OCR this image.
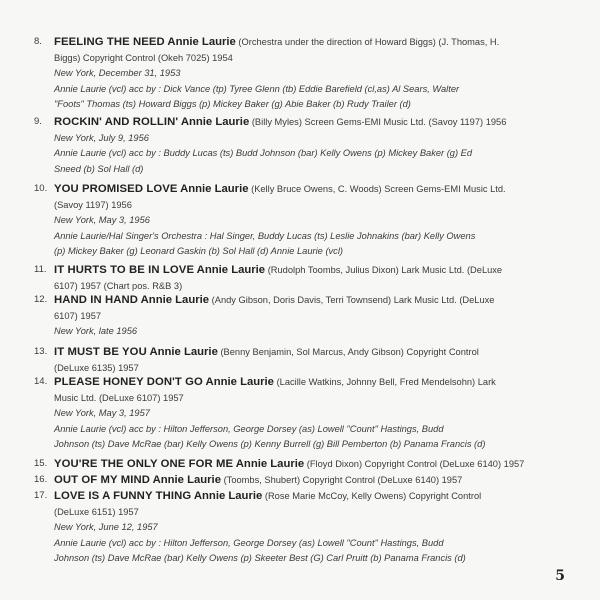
8. FEELING THE NEED Annie Laurie (Orchestra under the direction of Howard Biggs) (J. Thomas, H.
Biggs) Copyright Control (Okeh 7025) 1954
New York, December 31, 1953
Annie Laurie (vcl) acc by : Dick Vance (tp) Tyree Glenn (tb) Eddie Barefield (cl,as) Al Sears, Walter
"Foots" Thomas (ts) Howard Biggs (p) Mickey Baker (g) Abie Baker (b) Rudy Trailer (d)
9. ROCKIN' AND ROLLIN' Annie Laurie (Billy Myles) Screen Gems-EMI Music Ltd. (Savoy 1197) 1956
New York, July 9, 1956
Annie Laurie (vcl) acc by : Buddy Lucas (ts) Budd Johnson (bar) Kelly Owens (p) Mickey Baker (g) Ed
Sneed (b) Sol Hall (d)
10. YOU PROMISED LOVE Annie Laurie (Kelly Bruce Owens, C. Woods) Screen Gems-EMI Music Ltd.
(Savoy 1197) 1956
New York, May 3, 1956
Annie Laurie/Hal Singer's Orchestra : Hal Singer, Buddy Lucas (ts) Leslie Johnakins (bar) Kelly Owens
(p) Mickey Baker (g) Leonard Gaskin (b) Sol Hall (d) Annie Laurie (vcl)
11. IT HURTS TO BE IN LOVE Annie Laurie (Rudolph Toombs, Julius Dixon) Lark Music Ltd. (DeLuxe
6107) 1957 (Chart pos. R&B 3)
12. HAND IN HAND Annie Laurie (Andy Gibson, Doris Davis, Terri Townsend) Lark Music Ltd. (DeLuxe
6107) 1957
New York, late 1956
13. IT MUST BE YOU Annie Laurie (Benny Benjamin, Sol Marcus, Andy Gibson) Copyright Control
(DeLuxe 6135) 1957
14. PLEASE HONEY DON'T GO Annie Laurie (Lacille Watkins, Johnny Bell, Fred Mendelsohn) Lark
Music Ltd. (DeLuxe 6107) 1957
New York, May 3, 1957
Annie Laurie (vcl) acc by : Hilton Jefferson, George Dorsey (as) Lowell "Count" Hastings, Budd
Johnson (ts) Dave McRae (bar) Kelly Owens (p) Kenny Burrell (g) Bill Pemberton (b) Panama Francis (d)
15. YOU'RE THE ONLY ONE FOR ME Annie Laurie (Floyd Dixon) Copyright Control (DeLuxe 6140) 1957
16. OUT OF MY MIND Annie Laurie (Toombs, Shubert) Copyright Control (DeLuxe 6140) 1957
17. LOVE IS A FUNNY THING Annie Laurie (Rose Marie McCoy, Kelly Owens) Copyright Control
(DeLuxe 6151) 1957
New York, June 12, 1957
Annie Laurie (vcl) acc by : Hilton Jefferson, George Dorsey (as) Lowell "Count" Hastings, Budd
Johnson (ts) Dave McRae (bar) Kelly Owens (p) Skeeter Best (G) Carl Pruitt (b) Panama Francis (d)
5
